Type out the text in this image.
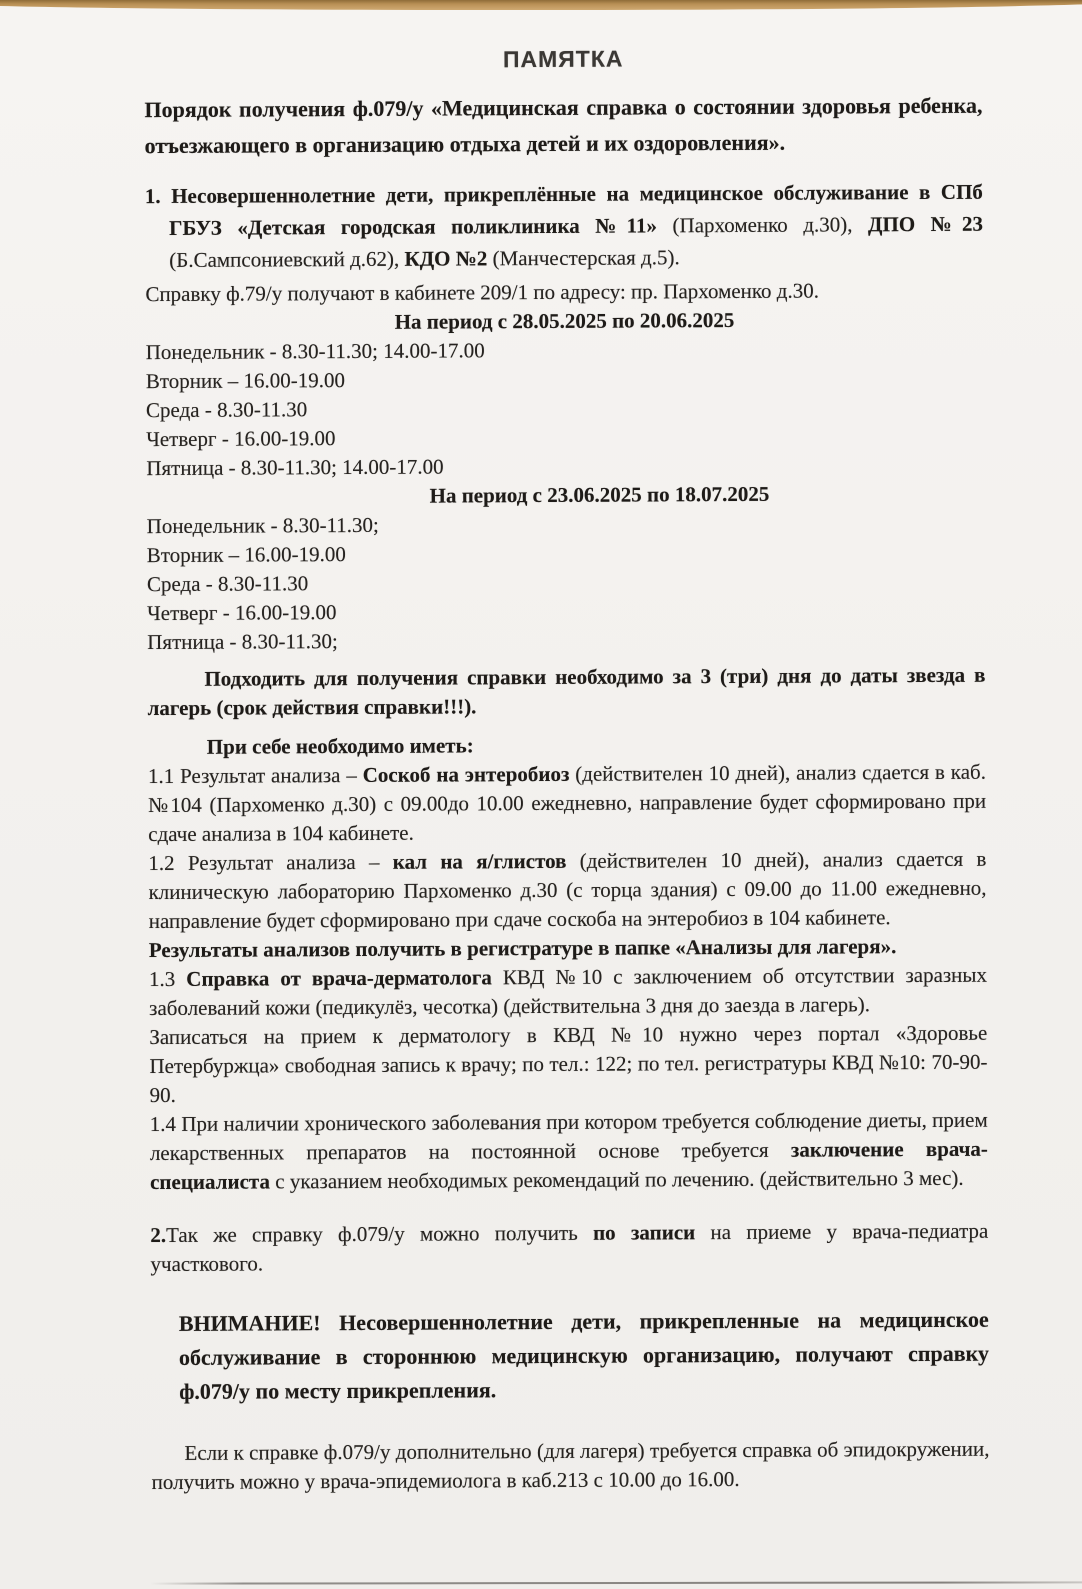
ПАМЯТКА

Порядок получения ф.079/у «Медицинская справка о состоянии здоровья ребенка, отъезжающего в организацию отдыха детей и их оздоровления».

1. Несовершеннолетние дети, прикреплённые на медицинское обслуживание в СПб ГБУЗ «Детская городская поликлиника №11» (Пархоменко д.30), ДПО №23 (Б.Сампсониевский д.62), КДО №2 (Манчестерская д.5).

Справку ф.79/у получают в кабинете 209/1 по адресу: пр. Пархоменко д.30.

На период с 28.05.2025 по 20.06.2025
Понедельник - 8.30-11.30; 14.00-17.00
Вторник – 16.00-19.00
Среда - 8.30-11.30
Четверг - 16.00-19.00
Пятница - 8.30-11.30; 14.00-17.00
На период с 23.06.2025 по 18.07.2025
Понедельник - 8.30-11.30;
Вторник – 16.00-19.00
Среда - 8.30-11.30
Четверг - 16.00-19.00
Пятница - 8.30-11.30;

Подходить для получения справки необходимо за 3 (три) дня до даты звезда в лагерь (срок действия справки!!!).

При себе необходимо иметь:

1.1 Результат анализа – Соскоб на энтеробиоз (действителен 10 дней), анализ сдается в каб. №104 (Пархоменко д.30) с 09.00до 10.00 ежедневно, направление будет сформировано при сдаче анализа в 104 кабинете.

1.2 Результат анализа – кал на я/глистов (действителен 10 дней), анализ сдается в клиническую лабораторию Пархоменко д.30 (с торца здания) с 09.00 до 11.00 ежедневно, направление будет сформировано при сдаче соскоба на энтеробиоз в 104 кабинете.

Результаты анализов получить в регистратуре в папке «Анализы для лагеря».

1.3 Справка от врача-дерматолога КВД №10 с заключением об отсутствии заразных заболеваний кожи (педикулёз, чесотка) (действительна 3 дня до заезда в лагерь).

Записаться на прием к дерматологу в КВД №10 нужно через портал «Здоровье Петербуржца» свободная запись к врачу; по тел.: 122; по тел. регистратуры КВД №10: 70-90-90.

1.4 При наличии хронического заболевания при котором требуется соблюдение диеты, прием лекарственных препаратов на постоянной основе требуется заключение врача-специалиста с указанием необходимых рекомендаций по лечению. (действительно 3 мес).

2.Так же справку ф.079/у можно получить по записи на приеме у врача-педиатра участкового.

ВНИМАНИЕ! Несовершеннолетние дети, прикрепленные на медицинское обслуживание в стороннюю медицинскую организацию, получают справку ф.079/у по месту прикрепления.

Если к справке ф.079/у дополнительно (для лагеря) требуется справка об эпидокружении, получить можно у врача-эпидемиолога в каб.213 с 10.00 до 16.00.
